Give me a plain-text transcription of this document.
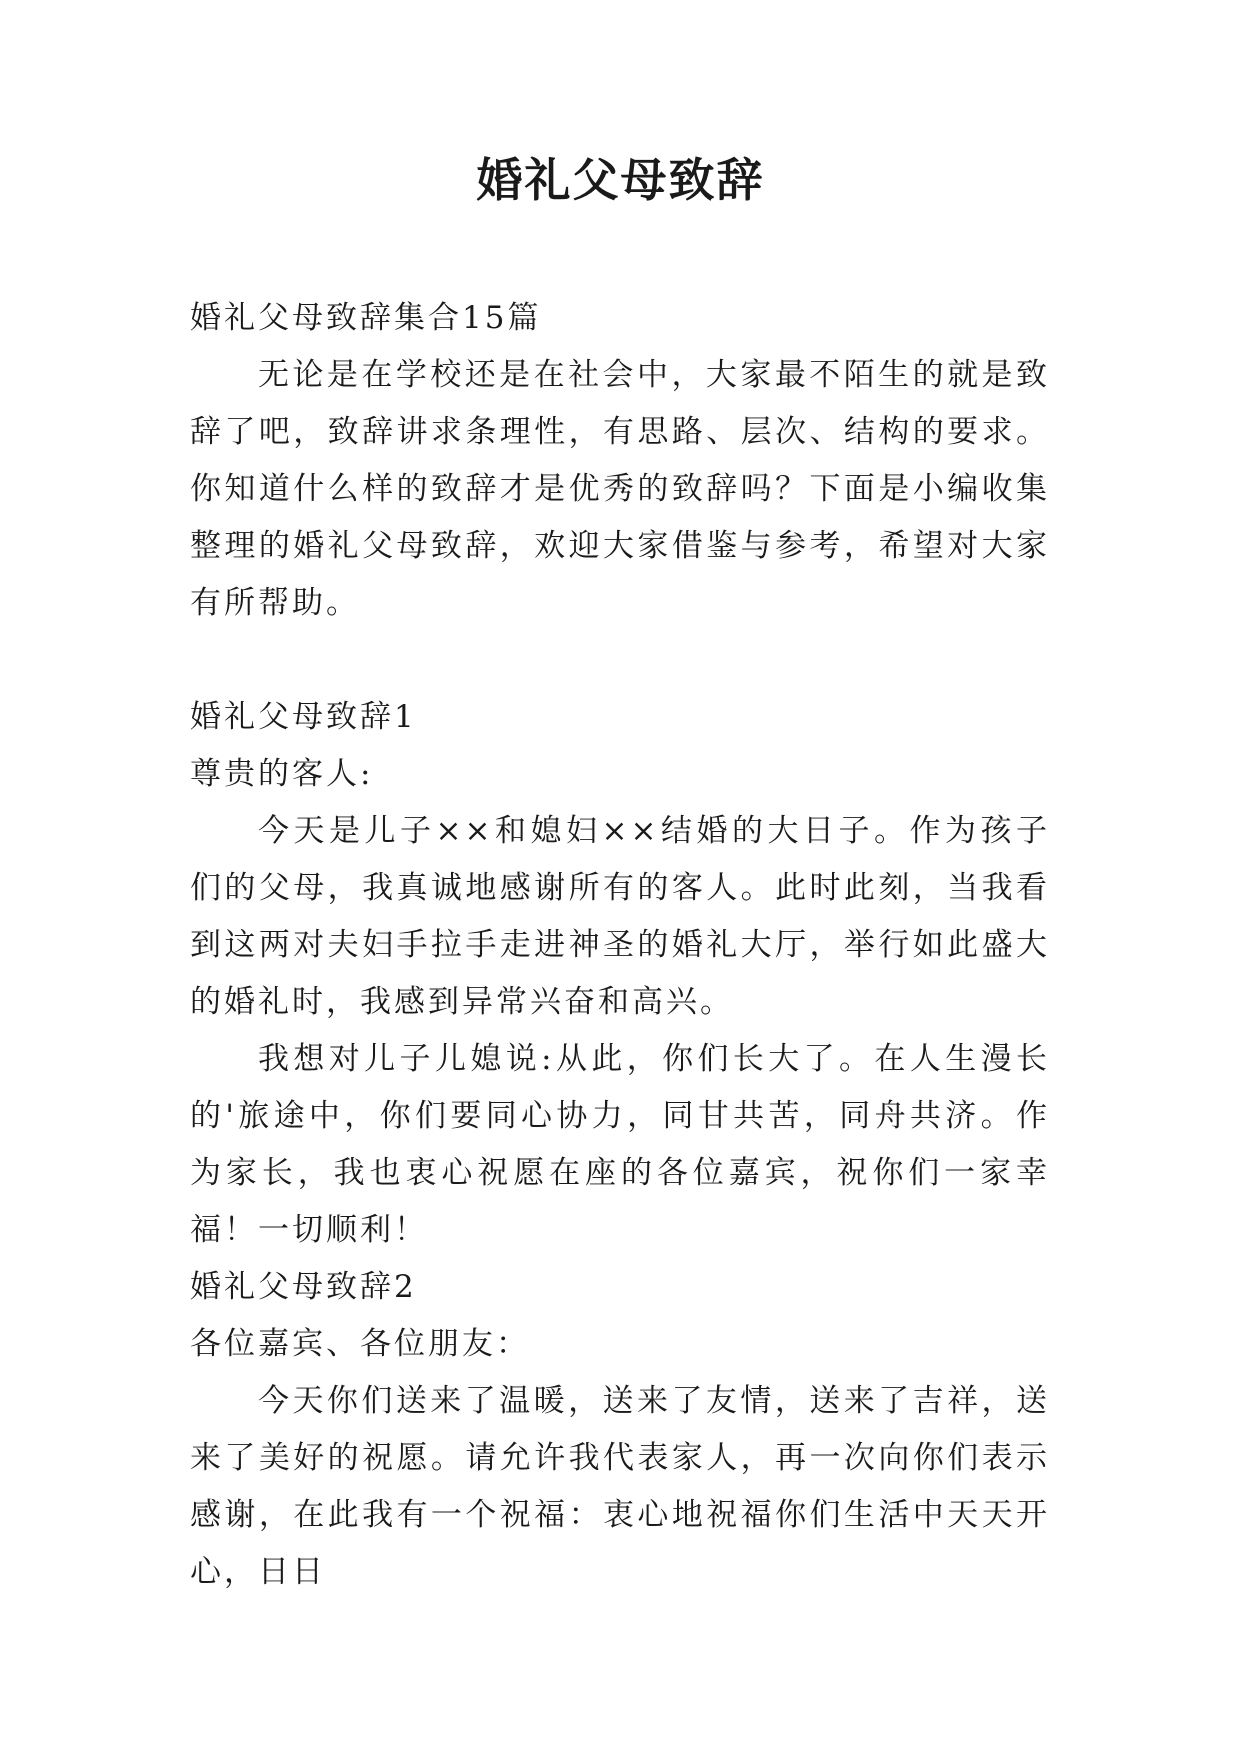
婚礼父母致辞

婚礼父母致辞集合15篇

无论是在学校还是在社会中，大家最不陌生的就是致辞了吧，致辞讲求条理性，有思路、层次、结构的要求。你知道什么样的致辞才是优秀的致辞吗？下面是小编收集整理的婚礼父母致辞，欢迎大家借鉴与参考，希望对大家有所帮助。

婚礼父母致辞1

尊贵的客人:

今天是儿子××和媳妇××结婚的大日子。作为孩子们的父母，我真诚地感谢所有的客人。此时此刻，当我看到这两对夫妇手拉手走进神圣的婚礼大厅，举行如此盛大的婚礼时，我感到异常兴奋和高兴。

我想对儿子儿媳说:从此，你们长大了。在人生漫长的'旅途中，你们要同心协力，同甘共苦，同舟共济。作为家长，我也衷心祝愿在座的各位嘉宾，祝你们一家幸福！一切顺利！

婚礼父母致辞2

各位嘉宾、各位朋友：

今天你们送来了温暖，送来了友情，送来了吉祥，送来了美好的祝愿。请允许我代表家人，再一次向你们表示感谢，在此我有一个祝福：衷心地祝福你们生活中天天开心，日日
